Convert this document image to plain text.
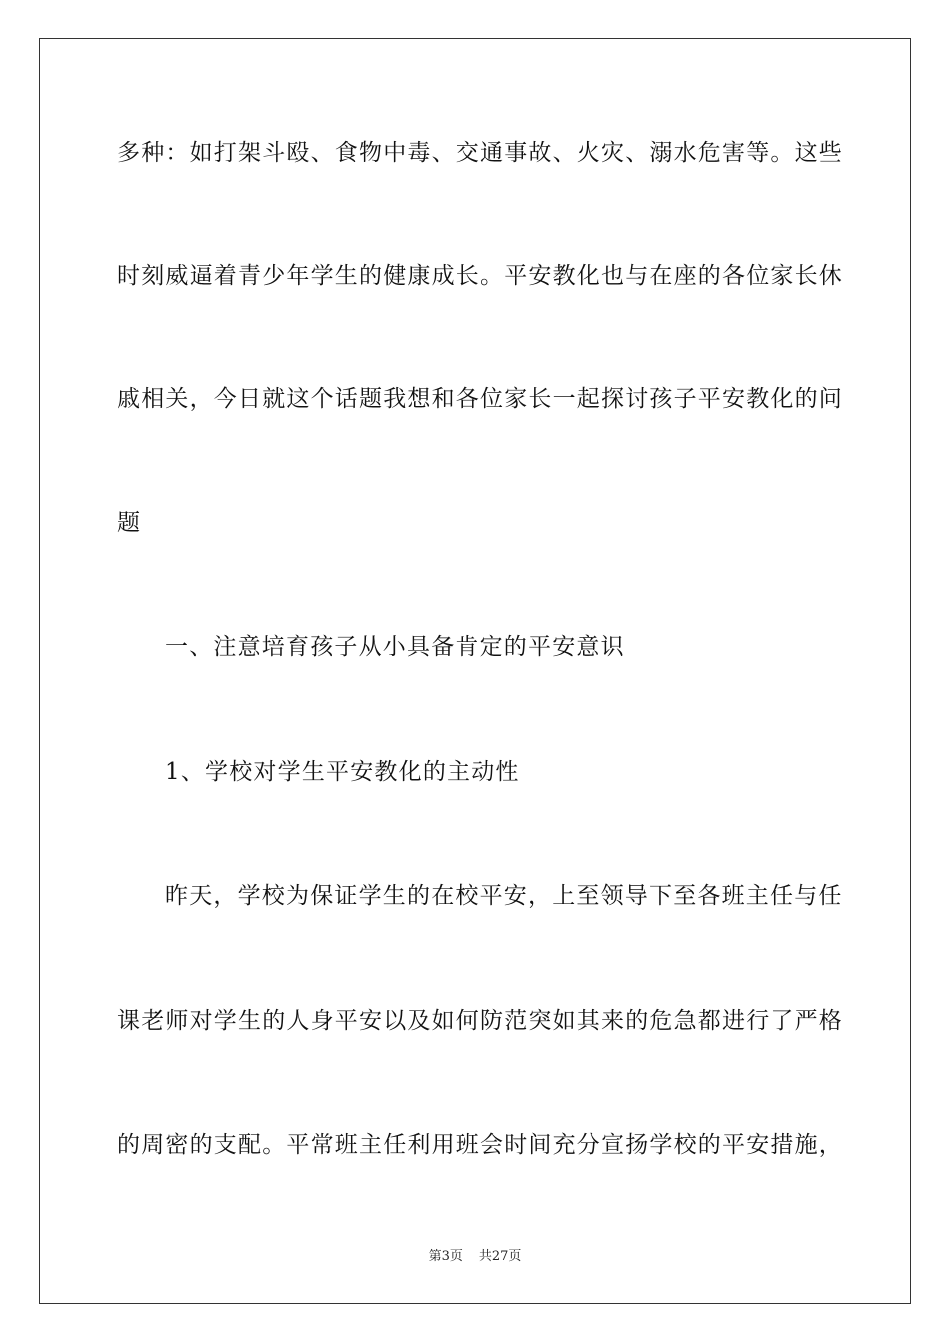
多种：如打架斗殴、食物中毒、交通事故、火灾、溺水危害等。这些
时刻威逼着青少年学生的健康成长。平安教化也与在座的各位家长休
戚相关，今日就这个话题我想和各位家长一起探讨孩子平安教化的问
题
一、注意培育孩子从小具备肯定的平安意识
1、学校对学生平安教化的主动性
昨天，学校为保证学生的在校平安，上至领导下至各班主任与任
课老师对学生的人身平安以及如何防范突如其来的危急都进行了严格
的周密的支配。平常班主任利用班会时间充分宣扬学校的平安措施，
第3页 共27页
